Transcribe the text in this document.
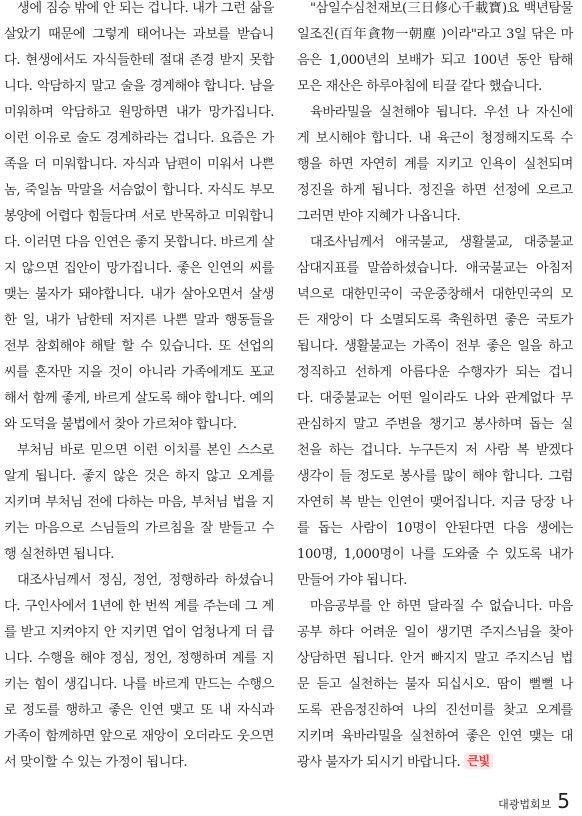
생에 짐승 밖에 안 되는 겁니다. 내가 그런 삶을
살았기 때문에 그렇게 태어나는 과보를 받습니
다. 현생에서도 자식들한테 절대 존경 받지 못합
니다. 악담하지 말고 술을 경계해야 합니다. 남을
미워하며 악담하고 원망하면 내가 망가집니다.
이런 이유로 술도 경계하라는 겁니다. 요즘은 가
족을 더 미워합니다. 자식과 남편이 미워서 나쁜
놈, 죽일놈 막말을 서슴없이 합니다. 자식도 부모
봉양에 어렵다 힘들다며 서로 반목하고 미워합니
다. 이러면 다음 인연은 좋지 못합니다. 바르게 살
지 않으면 집안이 망가집니다. 좋은 인연의 씨를
맺는 불자가 돼야합니다. 내가 살아오면서 살생
한 일, 내가 남한테 저지른 나쁜 말과 행동들을
전부 참회해야 해탈 할 수 있습니다. 또 선업의
씨를 혼자만 지을 것이 아니라 가족에게도 포교
해서 함께 좋게, 바르게 살도록 해야 합니다. 예의
와 도덕을 불법에서 찾아 가르쳐야 합니다.
부처님 바로 믿으면 이런 이치를 본인 스스로
알게 됩니다. 좋지 않은 것은 하지 않고 오계를
지키며 부처님 전에 다하는 마음, 부처님 법을 지
키는 마음으로 스님들의 가르침을 잘 받들고 수
행 실천하면 됩니다.
대조사님께서 정심, 정언, 정행하라 하셨습니
다. 구인사에서 1년에 한 번씩 계를 주는데 그 계
를 받고 지켜야지 안 지키면 업이 엄청나게 더 큽
니다. 수행을 해야 정심, 정언, 정행하며 계를 지
키는 힘이 생깁니다. 나를 바르게 만드는 수행으
로 정도를 행하고 좋은 인연 맺고 또 내 자식과
가족이 함께하면 앞으로 재앙이 오더라도 웃으면
서 맞이할 수 있는 가정이 됩니다.
"삼일수심천재보(三日修心千載寶)요 백년탐물
일조진(百年貪物一朝塵 )이라"라고 3일 닦은 마
음은 1,000년의 보배가 되고 100년 동안 탐해
모은 재산은 하루아침에 티끌 같다 했습니다.
육바라밀을 실천해야 됩니다. 우선 나 자신에
게 보시해야 합니다. 내 육근이 청정해지도록 수
행을 하면 자연히 계를 지키고 인욕이 실천되며
정진을 하게 됩니다. 정진을 하면 선정에 오르고
그러면 반야 지혜가 나옵니다.
대조사님께서 애국불교, 생활불교, 대중불교
삼대지표를 말씀하셨습니다. 애국불교는 아침저
녁으로 대한민국이 국운중창해서 대한민국의 모
든 재앙이 다 소멸되도록 축원하면 좋은 국토가
됩니다. 생활불교는 가족이 전부 좋은 일을 하고
정직하고 선하게 아름다운 수행자가 되는 겁니
다. 대중불교는 어떤 일이라도 나와 관계없다 무
관심하지 말고 주변을 챙기고 봉사하며 돕는 실
천을 하는 겁니다. 누구든지 저 사람 복 받겠다
생각이 들 정도로 봉사를 많이 해야 합니다. 그럼
자연히 복 받는 인연이 맺어집니다. 지금 당장 나
를 돕는 사람이 10명이 안된다면 다음 생에는
100명, 1,000명이 나를 도와줄 수 있도록 내가
만들어 가야 됩니다.
마음공부를 안 하면 달라질 수 없습니다. 마음
공부 하다 어려운 일이 생기면 주지스님을 찾아
상담하면 됩니다. 안거 빠지지 말고 주지스님 법
문 듣고 실천하는 불자 되십시오. 땀이 뻘뻘 나
도록 관음정진하여 나의 진선미를 찾고 오계를
지키며 육바라밀을 실천하여 좋은 인연 맺는 대
광사 불자가 되시기 바랍니다. 큰빛
대광법회보 5
